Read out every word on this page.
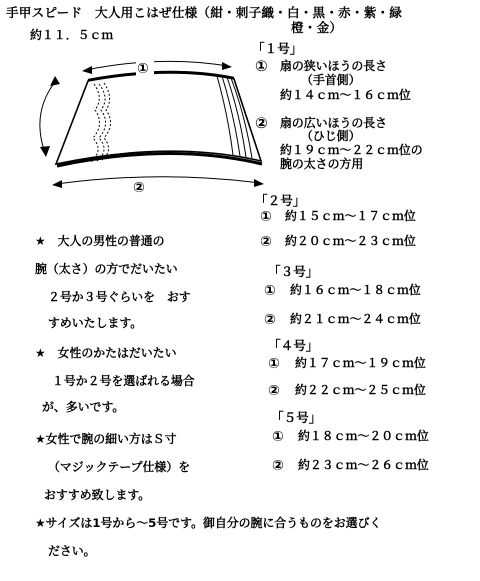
手甲スピード　大人用こはぜ仕様（紺・刺子織・白・黒・赤・紫・緑
橙・金）
約１１．５ｃｍ
①
②
「１号」
① 扇の狭いほうの長さ
（手首側）
約１４ｃｍ～１６ｃｍ位
② 扇の広いほうの長さ
（ひじ側）
約１９ｃｍ～２２ｃｍ位の
腕の太さの方用
「２号」
① 約１５ｃｍ～１７ｃｍ位
② 約２０ｃｍ～２３ｃｍ位
「３号」
① 約１６ｃｍ～１８ｃｍ位
② 約２１ｃｍ～２４ｃｍ位
「４号」
① 約１７ｃｍ～１９ｃｍ位
② 約２２ｃｍ～２５ｃｍ位
「５号」
① 約１８ｃｍ～２０ｃｍ位
② 約２３ｃｍ～２６ｃｍ位
★　大人の男性の普通の
腕（太さ）の方でだいたい
２号か３号ぐらいを　おす
すめいたします。
★　女性のかたはだいたい
１号か２号を選ばれる場合
が、多いです。
★女性で腕の細い方はＳ寸
（マジックテープ仕様）を
おすすめ致します。
★サイズは1号から～5号です。御自分の腕に合うものをお選びく
ださい。
